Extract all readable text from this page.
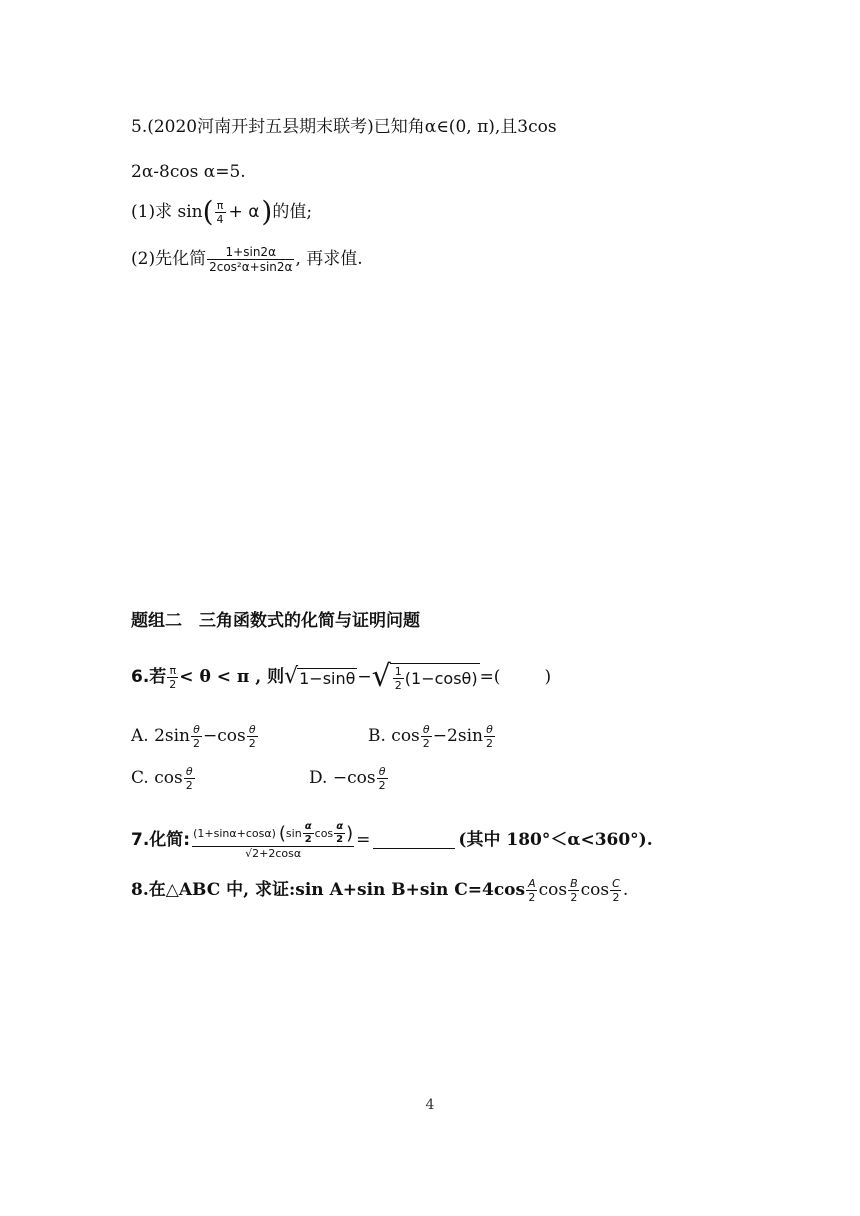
5.(2020河南开封五县期末联考)已知角α∈(0, π),且3cos
2α-8cos α=5.
(1)求 sin ( $\frac{\pi}{4} + \alpha$ ) 的值;
(2)先化简 $\frac{1+\sin 2\alpha}{\text{2cos²α+sin2α}}$ , 再求值.
题组二　三角函数式的化简与证明问题
6.若 $\frac{\pi}{2} < \theta < \pi$ , 则 √ 1−sinθ − √ $\frac{1}{2} (1-\cos\theta)$ =(	)
A. $2\sin \frac{\theta}{2} -\cos \frac{\theta}{2}$	B. $\cos \frac{\theta}{2} -2\sin \frac{\theta}{2}$
C. $\cos \frac{\theta}{2}$	D. $-\cos \frac{\theta}{2}$
7.化简: (1+sinα+cosα) ( $\sin \frac{\alpha}{2}$ $\cos \frac{\alpha}{2}$ )
√2+2cosα
=	(其中 180°＜α<360°).
8.在△ABC 中, 求证:sin A+sin B+sin $C=4\cos \frac{A}{2}$ $\cos \frac{B}{2}$ $\cos \frac{C}{2}$ .
4
